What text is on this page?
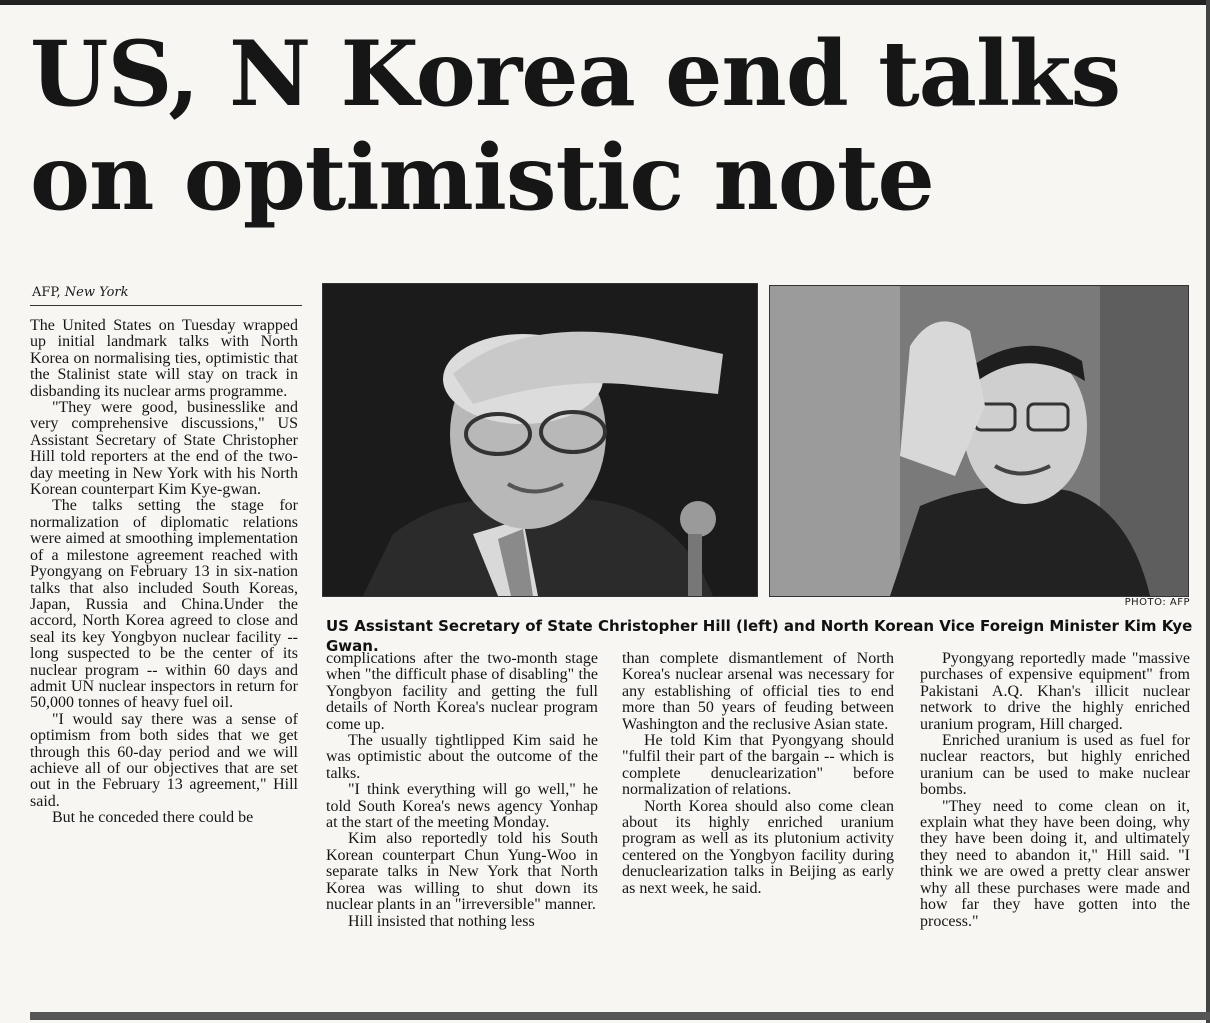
US, N Korea end talks
on optimistic note
AFP, New York

The United States on Tuesday wrapped up initial landmark talks with North Korea on normalising ties, optimistic that the Stalinist state will stay on track in disbanding its nuclear arms programme.

"They were good, businesslike and very comprehensive discussions," US Assistant Secretary of State Christopher Hill told reporters at the end of the two-day meeting in New York with his North Korean counterpart Kim Kye-gwan.

The talks setting the stage for normalization of diplomatic relations were aimed at smoothing implementation of a milestone agreement reached with Pyongyang on February 13 in six-nation talks that also included South Koreas, Japan, Russia and China.Under the accord, North Korea agreed to close and seal its key Yongbyon nuclear facility -- long suspected to be the center of its nuclear program -- within 60 days and admit UN nuclear inspectors in return for 50,000 tonnes of heavy fuel oil.

"I would say there was a sense of optimism from both sides that we get through this 60-day period and we will achieve all of our objectives that are set out in the February 13 agreement," Hill said.

But he conceded there could be

PHOTO: AFP
US Assistant Secretary of State Christopher Hill (left) and North Korean Vice Foreign Minister Kim Kye Gwan.

complications after the two-month stage when "the difficult phase of disabling" the Yongbyon facility and getting the full details of North Korea's nuclear program come up.

The usually tightlipped Kim said he was optimistic about the outcome of the talks.

"I think everything will go well," he told South Korea's news agency Yonhap at the start of the meeting Monday.

Kim also reportedly told his South Korean counterpart Chun Yung-Woo in separate talks in New York that North Korea was willing to shut down its nuclear plants in an "irreversible" manner.

Hill insisted that nothing less

than complete dismantlement of North Korea's nuclear arsenal was necessary for any establishing of official ties to end more than 50 years of feuding between Washington and the reclusive Asian state.

He told Kim that Pyongyang should "fulfil their part of the bargain -- which is complete denuclearization" before normalization of relations.

North Korea should also come clean about its highly enriched uranium program as well as its plutonium activity centered on the Yongbyon facility during denuclearization talks in Beijing as early as next week, he said.

Pyongyang reportedly made "massive purchases of expensive equipment" from Pakistani A.Q. Khan's illicit nuclear network to drive the highly enriched uranium program, Hill charged.

Enriched uranium is used as fuel for nuclear reactors, but highly enriched uranium can be used to make nuclear bombs.

"They need to come clean on it, explain what they have been doing, why they have been doing it, and ultimately they need to abandon it," Hill said. "I think we are owed a pretty clear answer why all these purchases were made and how far they have gotten into the process."
